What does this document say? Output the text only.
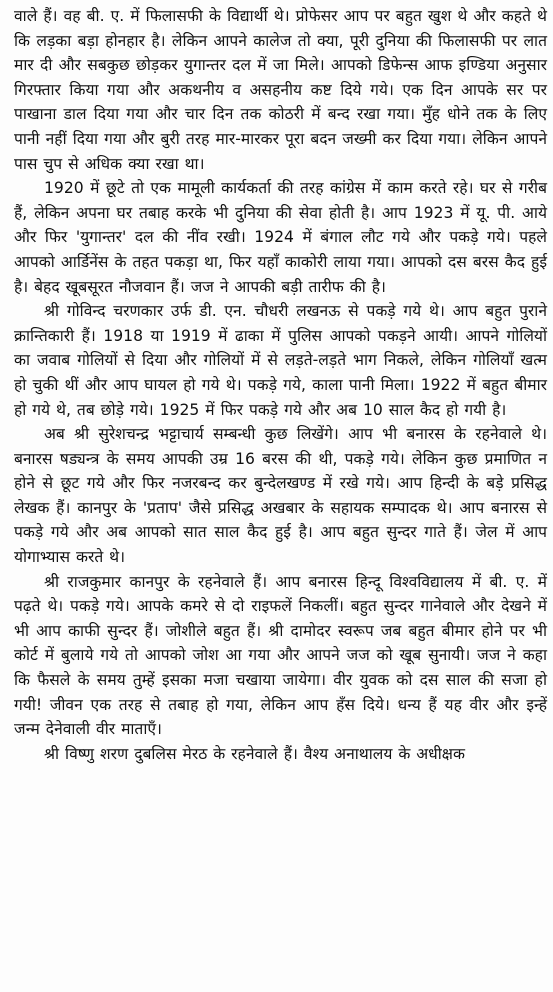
वाले हैं। वह बी. ए. में फिलासफी के विद्यार्थी थे। प्रोफेसर आप पर बहुत खुश थे और कहते थे कि लड़का बड़ा होनहार है। लेकिन आपने कालेज तो क्या, पूरी दुनिया की फिलासफी पर लात मार दी और सबकुछ छोड़कर युगान्तर दल में जा मिले। आपको डिफेन्स आफ इण्डिया अनुसार गिरफ्तार किया गया और अकथनीय व असहनीय कष्ट दिये गये। एक दिन आपके सर पर पाखाना डाल दिया गया और चार दिन तक कोठरी में बन्द रखा गया। मुँह धोने तक के लिए पानी नहीं दिया गया और बुरी तरह मार-मारकर पूरा बदन जख्मी कर दिया गया। लेकिन आपने पास चुप से अधिक क्या रखा था।

1920 में छूटे तो एक मामूली कार्यकर्ता की तरह कांग्रेस में काम करते रहे। घर से गरीब हैं, लेकिन अपना घर तबाह करके भी दुनिया की सेवा होती है। आप 1923 में यू. पी. आये और फिर 'युगान्तर' दल की नींव रखी। 1924 में बंगाल लौट गये और पकड़े गये। पहले आपको आर्डिनेंस के तहत पकड़ा था, फिर यहाँ काकोरी लाया गया। आपको दस बरस कैद हुई है। बेहद खूबसूरत नौजवान हैं। जज ने आपकी बड़ी तारीफ की है।

श्री गोविन्द चरणकार उर्फ डी. एन. चौधरी लखनऊ से पकड़े गये थे। आप बहुत पुराने क्रान्तिकारी हैं। 1918 या 1919 में ढाका में पुलिस आपको पकड़ने आयी। आपने गोलियों का जवाब गोलियों से दिया और गोलियों में से लड़ते-लड़ते भाग निकले, लेकिन गोलियाँ खत्म हो चुकी थीं और आप घायल हो गये थे। पकड़े गये, काला पानी मिला। 1922 में बहुत बीमार हो गये थे, तब छोड़े गये। 1925 में फिर पकड़े गये और अब 10 साल कैद हो गयी है।

अब श्री सुरेशचन्द्र भट्टाचार्य सम्बन्धी कुछ लिखेंगे। आप भी बनारस के रहनेवाले थे। बनारस षड्यन्त्र के समय आपकी उम्र 16 बरस की थी, पकड़े गये। लेकिन कुछ प्रमाणित न होने से छूट गये और फिर नजरबन्द कर बुन्देलखण्ड में रखे गये। आप हिन्दी के बड़े प्रसिद्ध लेखक हैं। कानपुर के 'प्रताप' जैसे प्रसिद्ध अखबार के सहायक सम्पादक थे। आप बनारस से पकड़े गये और अब आपको सात साल कैद हुई है। आप बहुत सुन्दर गाते हैं। जेल में आप योगाभ्यास करते थे।

श्री राजकुमार कानपुर के रहनेवाले हैं। आप बनारस हिन्दू विश्वविद्यालय में बी. ए. में पढ़ते थे। पकड़े गये। आपके कमरे से दो राइफलें निकलीं। बहुत सुन्दर गानेवाले और देखने में भी आप काफी सुन्दर हैं। जोशीले बहुत हैं। श्री दामोदर स्वरूप जब बहुत बीमार होने पर भी कोर्ट में बुलाये गये तो आपको जोश आ गया और आपने जज को खूब सुनायी। जज ने कहा कि फैसले के समय तुम्हें इसका मजा चखाया जायेगा। वीर युवक को दस साल की सजा हो गयी! जीवन एक तरह से तबाह हो गया, लेकिन आप हँस दिये। धन्य हैं यह वीर और इन्हें जन्म देनेवाली वीर माताएँ।

श्री विष्णु शरण दुबलिस मेरठ के रहनेवाले हैं। वैश्य अनाथालय के अधीक्षक
